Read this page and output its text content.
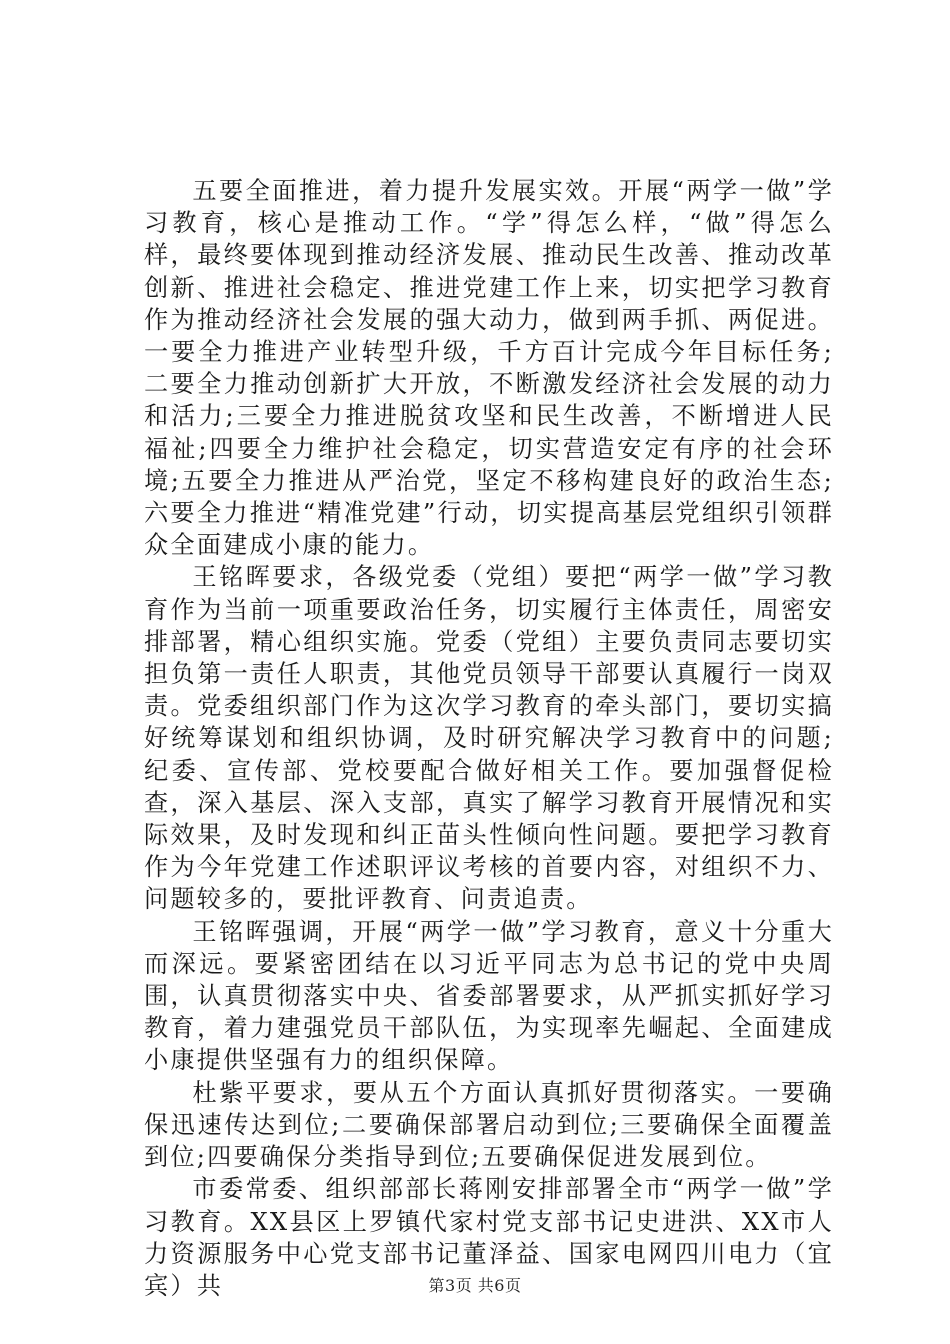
五要全面推进，着力提升发展实效。开展“两学一做”学习教育，核心是推动工作。“学”得怎么样，“做”得怎么样，最终要体现到推动经济发展、推动民生改善、推动改革创新、推进社会稳定、推进党建工作上来，切实把学习教育作为推动经济社会发展的强大动力，做到两手抓、两促进。一要全力推进产业转型升级，千方百计完成今年目标任务;二要全力推动创新扩大开放，不断激发经济社会发展的动力和活力;三要全力推进脱贫攻坚和民生改善，不断增进人民福祉;四要全力维护社会稳定，切实营造安定有序的社会环境;五要全力推进从严治党，坚定不移构建良好的政治生态;六要全力推进“精准党建”行动，切实提高基层党组织引领群众全面建成小康的能力。

王铭晖要求，各级党委（党组）要把“两学一做”学习教育作为当前一项重要政治任务，切实履行主体责任，周密安排部署，精心组织实施。党委（党组）主要负责同志要切实担负第一责任人职责，其他党员领导干部要认真履行一岗双责。党委组织部门作为这次学习教育的牵头部门，要切实搞好统筹谋划和组织协调，及时研究解决学习教育中的问题;纪委、宣传部、党校要配合做好相关工作。要加强督促检查，深入基层、深入支部，真实了解学习教育开展情况和实际效果，及时发现和纠正苗头性倾向性问题。要把学习教育作为今年党建工作述职评议考核的首要内容，对组织不力、问题较多的，要批评教育、问责追责。

王铭晖强调，开展“两学一做”学习教育，意义十分重大而深远。要紧密团结在以习近平同志为总书记的党中央周围，认真贯彻落实中央、省委部署要求，从严抓实抓好学习教育，着力建强党员干部队伍，为实现率先崛起、全面建成小康提供坚强有力的组织保障。

杜紫平要求，要从五个方面认真抓好贯彻落实。一要确保迅速传达到位;二要确保部署启动到位;三要确保全面覆盖到位;四要确保分类指导到位;五要确保促进发展到位。

市委常委、组织部部长蒋刚安排部署全市“两学一做”学习教育。XX县区上罗镇代家村党支部书记史进洪、XX市人力资源服务中心党支部书记董泽益、国家电网四川电力（宜宾）共	第3页 共6页
